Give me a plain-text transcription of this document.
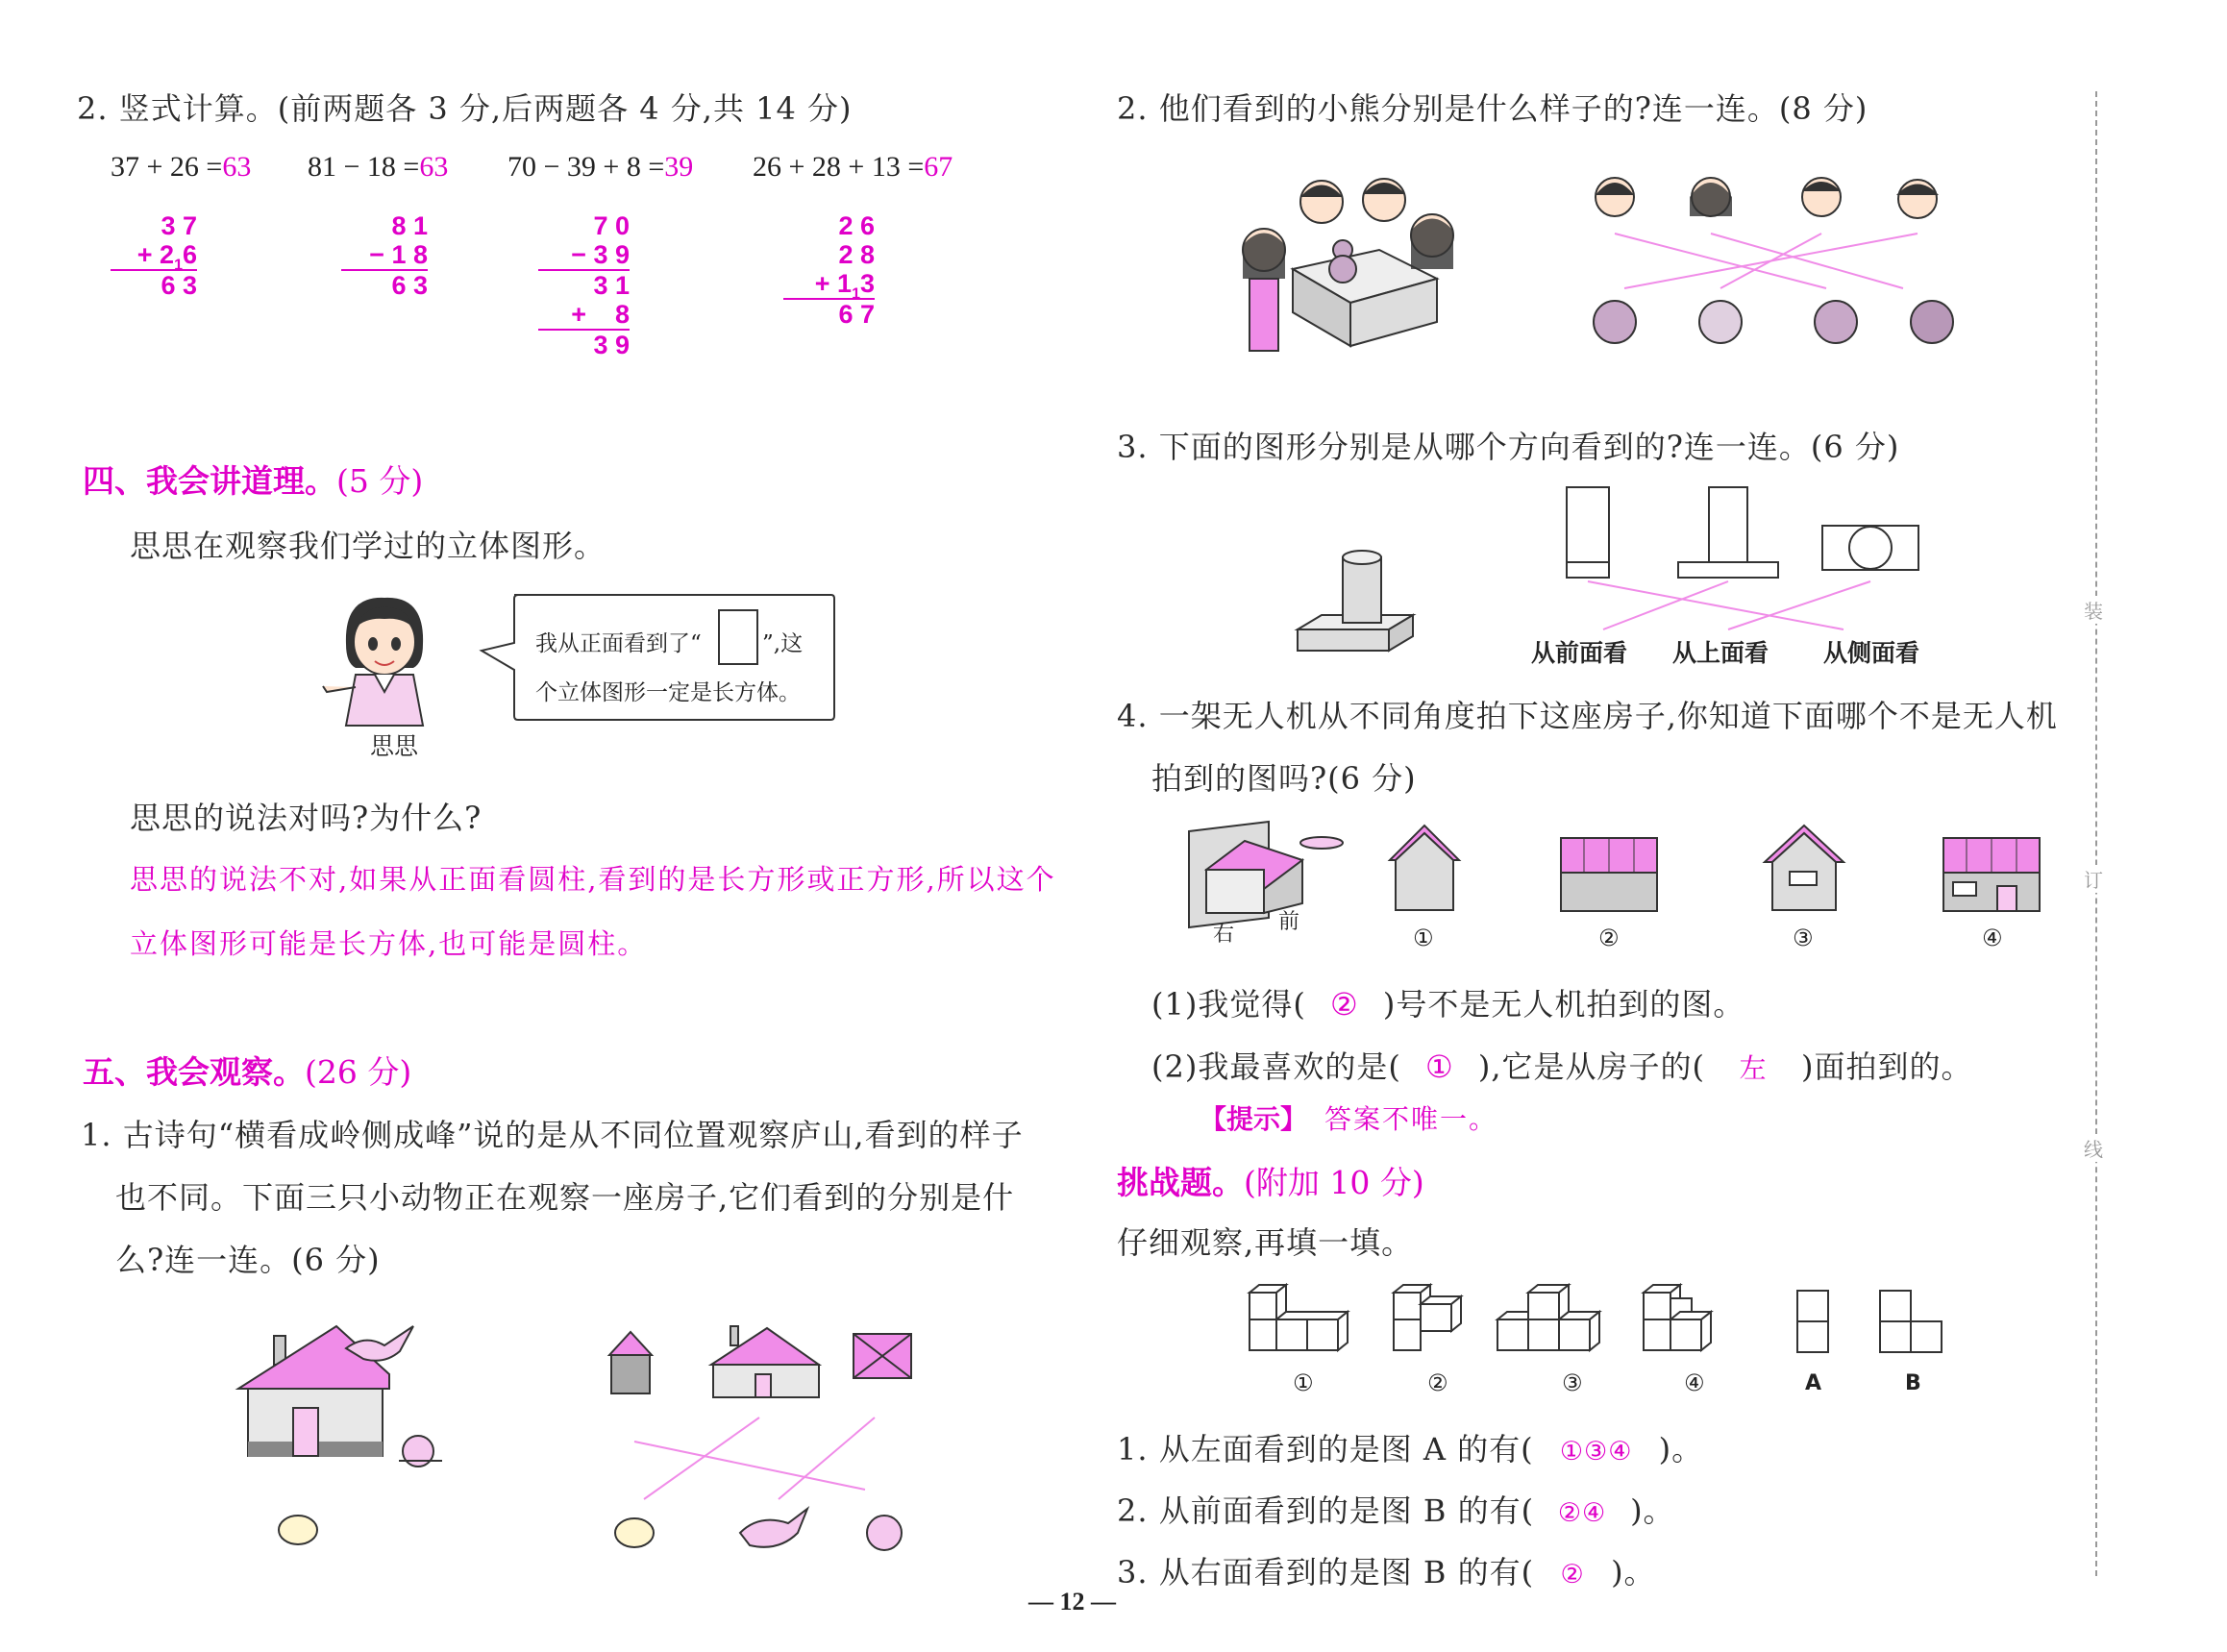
2. 竖式计算。(前两题各 3 分,后两题各 4 分,共 14 分)
37 + 26 =63 81 − 18 =63 70 − 39 + 8 =39 26 + 28 + 13 =67
3 7
+ $2_16$
6 3
8 1
− 1 8
6 3
7 0
− 3 9
3 1
+    8
3 9
2 6
2 8
+ $1_13$
6 7
四、我会讲道理。(5 分)
思思在观察我们学过的立体图形。
思思
我从正面看到了“	”,这
个立体图形一定是长方体。
思思的说法对吗?为什么?
思思的说法不对,如果从正面看圆柱,看到的是长方形或正方形,所以这个
立体图形可能是长方体,也可能是圆柱。
五、我会观察。(26 分)
1. 古诗句“横看成岭侧成峰”说的是从不同位置观察庐山,看到的样子
也不同。下面三只小动物正在观察一座房子,它们看到的分别是什
么?连一连。(6 分)
2. 他们看到的小熊分别是什么样子的?连一连。(8 分)
3. 下面的图形分别是从哪个方向看到的?连一连。(6 分)
从前面看 从上面看 从侧面看
4. 一架无人机从不同角度拍下这座房子,你知道下面哪个不是无人机
拍到的图吗?(6 分)
右
前
①	②	③	④
(1)我觉得( ② )号不是无人机拍到的图。
(2)我最喜欢的是( ① ),它是从房子的( 左 )面拍到的。
【提示】 答案不唯一。
挑战题。(附加 10 分)
仔细观察,再填一填。
①	②	③	④	A	B
1. 从左面看到的是图 A 的有( ①③④ )。
2. 从前面看到的是图 B 的有( ②④ )。
3. 从右面看到的是图 B 的有( ② )。
装
订
线
— 12 —
